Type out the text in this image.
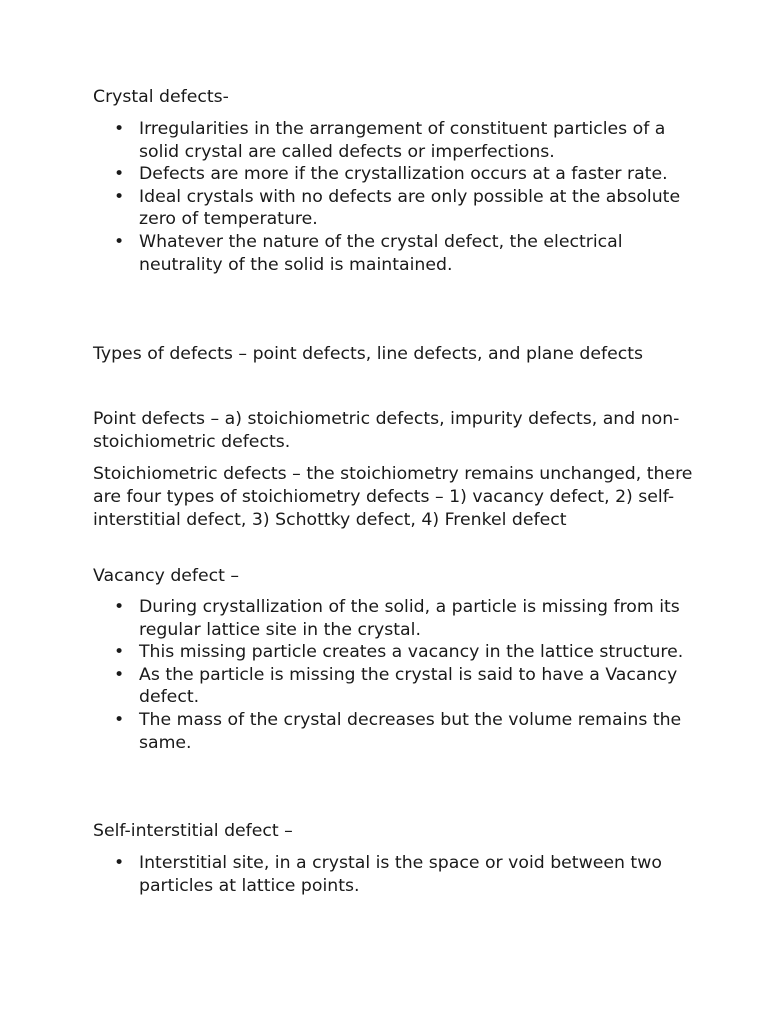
Crystal defects-

• Irregularities in the arrangement of constituent particles of a solid crystal are called defects or imperfections.
• Defects are more if the crystallization occurs at a faster rate.
• Ideal crystals with no defects are only possible at the absolute zero of temperature.
• Whatever the nature of the crystal defect, the electrical neutrality of the solid is maintained.

Types of defects – point defects, line defects, and plane defects

Point defects – a) stoichiometric defects, impurity defects, and non-stoichiometric defects.

Stoichiometric defects – the stoichiometry remains unchanged, there are four types of stoichiometry defects – 1) vacancy defect, 2) self-interstitial defect, 3) Schottky defect, 4) Frenkel defect

Vacancy defect –

• During crystallization of the solid, a particle is missing from its regular lattice site in the crystal.
• This missing particle creates a vacancy in the lattice structure.
• As the particle is missing the crystal is said to have a Vacancy defect.
• The mass of the crystal decreases but the volume remains the same.

Self-interstitial defect –

• Interstitial site, in a crystal is the space or void between two particles at lattice points.
